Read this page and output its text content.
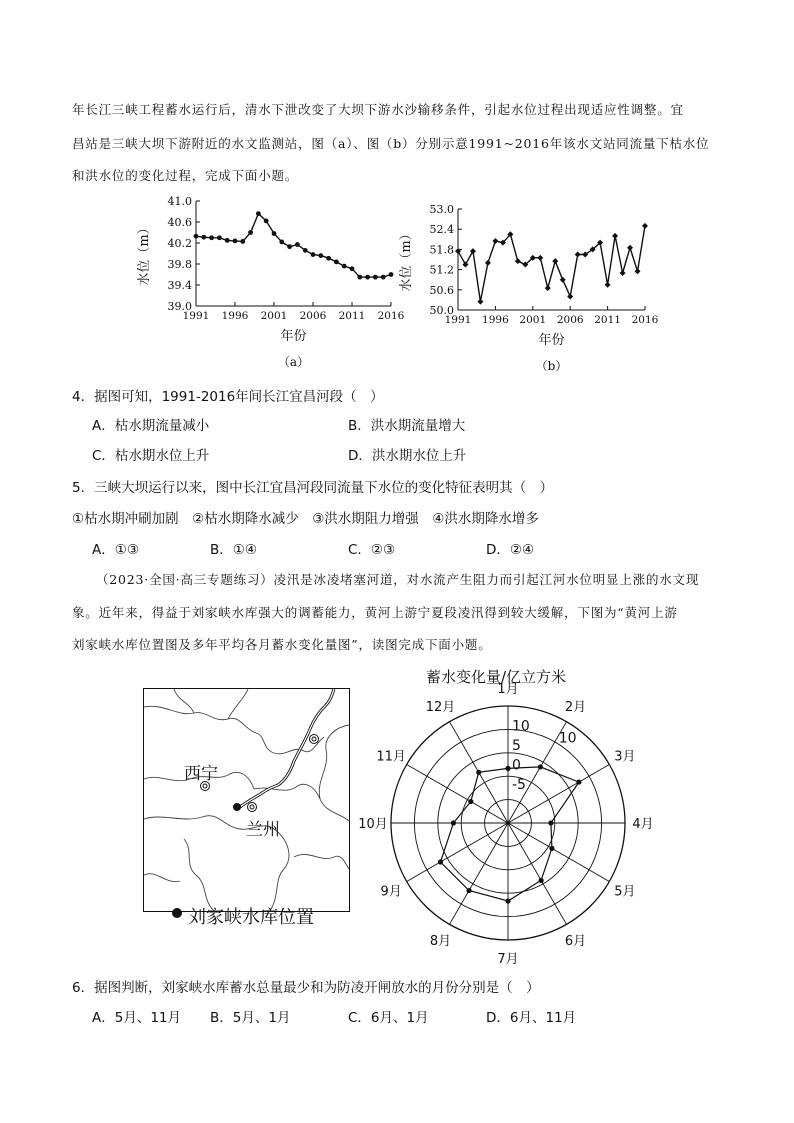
年长江三峡工程蓄水运行后，清水下泄改变了大坝下游水沙输移条件，引起水位过程出现适应性调整。宜
昌站是三峡大坝下游附近的水文监测站，图（a）、图（b）分别示意1991~2016年该水文站同流量下枯水位
和洪水位的变化过程，完成下面小题。
39.0
39.4
39.8
40.2
40.6
41.0
1991 1996 2001 2006 2011 2016
水位（m）
年份
（a）
50.0
50.6
51.2
51.8
52.4
53.0
1991 1996 2001 2006 2011 2016
水位（m）
年份
（b）
4．据图可知，1991-2016年间长江宜昌河段（　）
A．枯水期流量减小	B．洪水期流量增大
C．枯水期水位上升	D．洪水期水位上升
5．三峡大坝运行以来，图中长江宜昌河段同流量下水位的变化特征表明其（　）
①枯水期冲刷加剧　②枯水期降水减少　③洪水期阻力增强　④洪水期降水增多
A．①③	B．①④	C．②③	D．②④
（2023·全国·高三专题练习）凌汛是冰凌堵塞河道，对水流产生阻力而引起江河水位明显上涨的水文现
象。近年来，得益于刘家峡水库强大的调蓄能力，黄河上游宁夏段凌汛得到较大缓解，下图为“黄河上游
刘家峡水库位置图及多年平均各月蓄水变化量图”，读图完成下面小题。
西宁
兰州
刘家峡水库位置
蓄水变化量/亿立方米
10
5
0
-5
10
1月
2月
3月
4月
5月
6月
7月
8月
9月
10月
11月
12月
6．据图判断，刘家峡水库蓄水总量最少和为防凌开闸放水的月份分别是（　）
A．5月、11月 B．5月、1月	C．6月、1月	D．6月、11月
